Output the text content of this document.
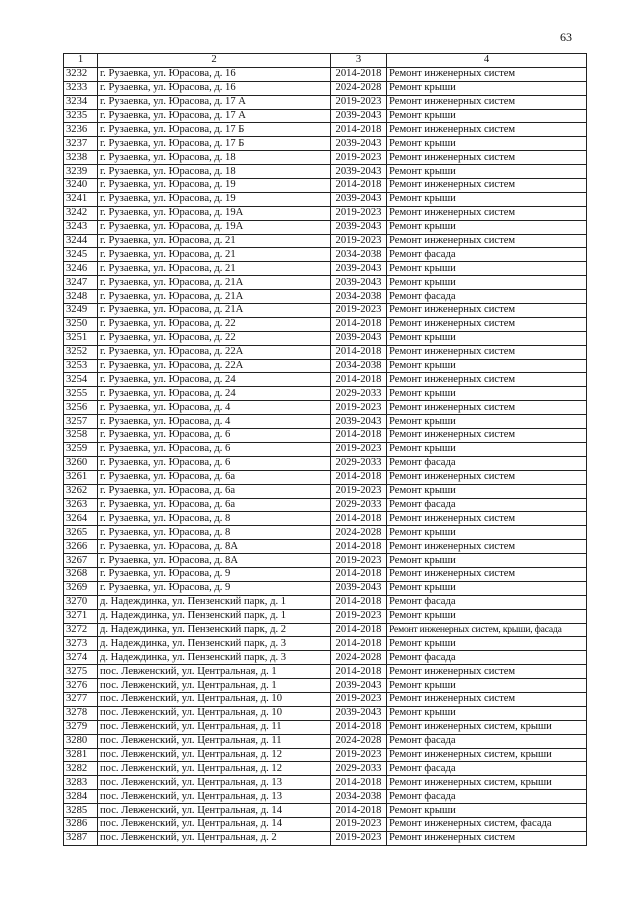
63
1	2	3	4
3232	г. Рузаевка, ул. Юрасова, д. 16	2014-2018	Ремонт инженерных систем
3233	г. Рузаевка, ул. Юрасова, д. 16	2024-2028	Ремонт крыши
3234	г. Рузаевка, ул. Юрасова, д. 17 А	2019-2023	Ремонт инженерных систем
3235	г. Рузаевка, ул. Юрасова, д. 17 А	2039-2043	Ремонт крыши
3236	г. Рузаевка, ул. Юрасова, д. 17 Б	2014-2018	Ремонт инженерных систем
3237	г. Рузаевка, ул. Юрасова, д. 17 Б	2039-2043	Ремонт крыши
3238	г. Рузаевка, ул. Юрасова, д. 18	2019-2023	Ремонт инженерных систем
3239	г. Рузаевка, ул. Юрасова, д. 18	2039-2043	Ремонт крыши
3240	г. Рузаевка, ул. Юрасова, д. 19	2014-2018	Ремонт инженерных систем
3241	г. Рузаевка, ул. Юрасова, д. 19	2039-2043	Ремонт крыши
3242	г. Рузаевка, ул. Юрасова, д. 19А	2019-2023	Ремонт инженерных систем
3243	г. Рузаевка, ул. Юрасова, д. 19А	2039-2043	Ремонт крыши
3244	г. Рузаевка, ул. Юрасова, д. 21	2019-2023	Ремонт инженерных систем
3245	г. Рузаевка, ул. Юрасова, д. 21	2034-2038	Ремонт фасада
3246	г. Рузаевка, ул. Юрасова, д. 21	2039-2043	Ремонт крыши
3247	г. Рузаевка, ул. Юрасова, д. 21А	2039-2043	Ремонт крыши
3248	г. Рузаевка, ул. Юрасова, д. 21А	2034-2038	Ремонт фасада
3249	г. Рузаевка, ул. Юрасова, д. 21А	2019-2023	Ремонт инженерных систем
3250	г. Рузаевка, ул. Юрасова, д. 22	2014-2018	Ремонт инженерных систем
3251	г. Рузаевка, ул. Юрасова, д. 22	2039-2043	Ремонт крыши
3252	г. Рузаевка, ул. Юрасова, д. 22А	2014-2018	Ремонт инженерных систем
3253	г. Рузаевка, ул. Юрасова, д. 22А	2034-2038	Ремонт крыши
3254	г. Рузаевка, ул. Юрасова, д. 24	2014-2018	Ремонт инженерных систем
3255	г. Рузаевка, ул. Юрасова, д. 24	2029-2033	Ремонт крыши
3256	г. Рузаевка, ул. Юрасова, д. 4	2019-2023	Ремонт инженерных систем
3257	г. Рузаевка, ул. Юрасова, д. 4	2039-2043	Ремонт крыши
3258	г. Рузаевка, ул. Юрасова, д. 6	2014-2018	Ремонт инженерных систем
3259	г. Рузаевка, ул. Юрасова, д. 6	2019-2023	Ремонт крыши
3260	г. Рузаевка, ул. Юрасова, д. 6	2029-2033	Ремонт фасада
3261	г. Рузаевка, ул. Юрасова, д. 6а	2014-2018	Ремонт инженерных систем
3262	г. Рузаевка, ул. Юрасова, д. 6а	2019-2023	Ремонт крыши
3263	г. Рузаевка, ул. Юрасова, д. 6а	2029-2033	Ремонт фасада
3264	г. Рузаевка, ул. Юрасова, д. 8	2014-2018	Ремонт инженерных систем
3265	г. Рузаевка, ул. Юрасова, д. 8	2024-2028	Ремонт крыши
3266	г. Рузаевка, ул. Юрасова, д. 8А	2014-2018	Ремонт инженерных систем
3267	г. Рузаевка, ул. Юрасова, д. 8А	2019-2023	Ремонт крыши
3268	г. Рузаевка, ул. Юрасова, д. 9	2014-2018	Ремонт инженерных систем
3269	г. Рузаевка, ул. Юрасова, д. 9	2039-2043	Ремонт крыши
3270	д. Надеждинка, ул. Пензенский парк, д. 1	2014-2018	Ремонт фасада
3271	д. Надеждинка, ул. Пензенский парк, д. 1	2019-2023	Ремонт крыши
3272	д. Надеждинка, ул. Пензенский парк, д. 2	2014-2018	Ремонт инженерных систем, крыши, фасада
3273	д. Надеждинка, ул. Пензенский парк, д. 3	2014-2018	Ремонт крыши
3274	д. Надеждинка, ул. Пензенский парк, д. 3	2024-2028	Ремонт фасада
3275	пос. Левженский, ул. Центральная, д. 1	2014-2018	Ремонт инженерных систем
3276	пос. Левженский, ул. Центральная, д. 1	2039-2043	Ремонт крыши
3277	пос. Левженский, ул. Центральная, д. 10	2019-2023	Ремонт инженерных систем
3278	пос. Левженский, ул. Центральная, д. 10	2039-2043	Ремонт крыши
3279	пос. Левженский, ул. Центральная, д. 11	2014-2018	Ремонт инженерных систем, крыши
3280	пос. Левженский, ул. Центральная, д. 11	2024-2028	Ремонт фасада
3281	пос. Левженский, ул. Центральная, д. 12	2019-2023	Ремонт инженерных систем, крыши
3282	пос. Левженский, ул. Центральная, д. 12	2029-2033	Ремонт фасада
3283	пос. Левженский, ул. Центральная, д. 13	2014-2018	Ремонт инженерных систем, крыши
3284	пос. Левженский, ул. Центральная, д. 13	2034-2038	Ремонт фасада
3285	пос. Левженский, ул. Центральная, д. 14	2014-2018	Ремонт крыши
3286	пос. Левженский, ул. Центральная, д. 14	2019-2023	Ремонт инженерных систем, фасада
3287	пос. Левженский, ул. Центральная, д. 2	2019-2023	Ремонт инженерных систем
